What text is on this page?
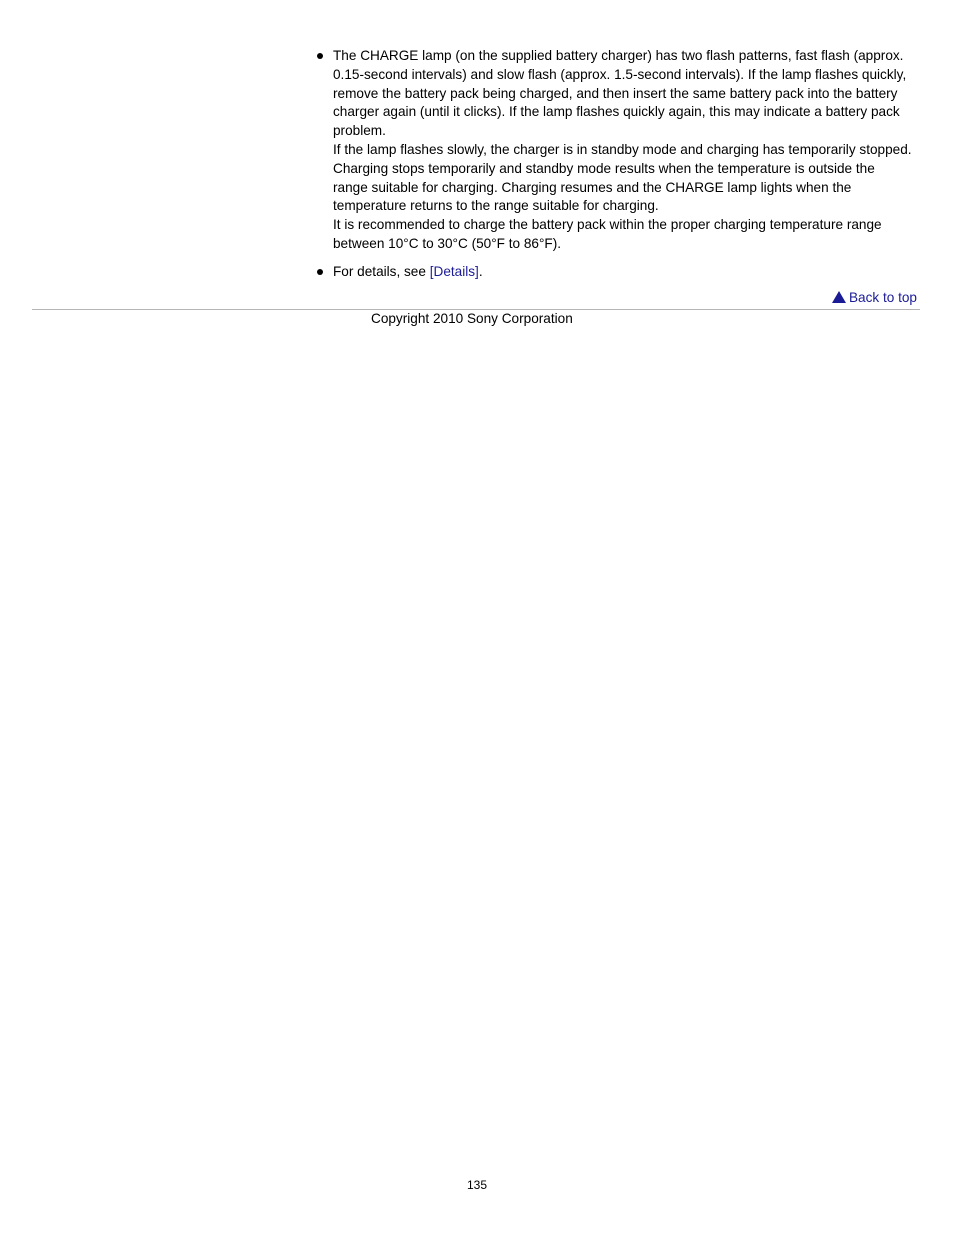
The CHARGE lamp (on the supplied battery charger) has two flash patterns, fast flash (approx. 0.15-second intervals) and slow flash (approx. 1.5-second intervals). If the lamp flashes quickly, remove the battery pack being charged, and then insert the same battery pack into the battery charger again (until it clicks). If the lamp flashes quickly again, this may indicate a battery pack problem.
If the lamp flashes slowly, the charger is in standby mode and charging has temporarily stopped. Charging stops temporarily and standby mode results when the temperature is outside the range suitable for charging. Charging resumes and the CHARGE lamp lights when the temperature returns to the range suitable for charging.
It is recommended to charge the battery pack within the proper charging temperature range between 10°C to 30°C (50°F to 86°F).
For details, see [Details].
Back to top
Copyright 2010 Sony Corporation
135
